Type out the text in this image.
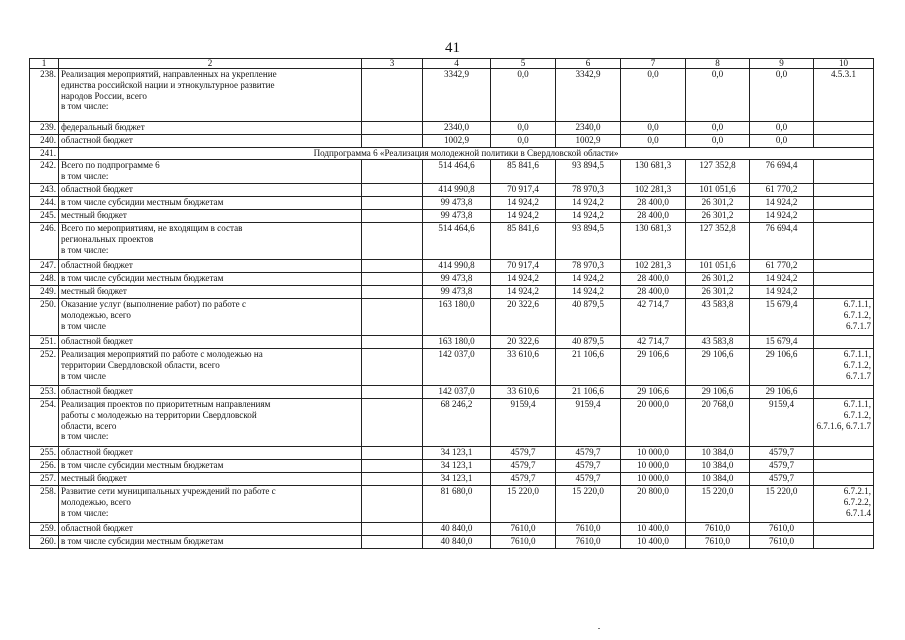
41
1	2	3	4	5	6	7	8	9	10
238.	Реализация мероприятий, направленных на укрепление
единства российской нации и этнокультурное развитие
народов России, всего
в том числе:		3342,9	0,0	3342,9	0,0	0,0	0,0	4.5.3.1
239.	федеральный бюджет		2340,0	0,0	2340,0	0,0	0,0	0,0	
240.	областной бюджет		1002,9	0,0	1002,9	0,0	0,0	0,0	
241.	Подпрограмма 6 «Реализация молодежной политики в Свердловской области»								
242.	Всего по подпрограмме 6
в том числе:		514 464,6	85 841,6	93 894,5	130 681,3	127 352,8	76 694,4	
243.	областной бюджет		414 990,8	70 917,4	78 970,3	102 281,3	101 051,6	61 770,2	
244.	в том числе субсидии местным бюджетам		99 473,8	14 924,2	14 924,2	28 400,0	26 301,2	14 924,2	
245.	местный бюджет		99 473,8	14 924,2	14 924,2	28 400,0	26 301,2	14 924,2	
246.	Всего по мероприятиям, не входящим в состав
региональных проектов
в том числе:		514 464,6	85 841,6	93 894,5	130 681,3	127 352,8	76 694,4	
247.	областной бюджет		414 990,8	70 917,4	78 970,3	102 281,3	101 051,6	61 770,2	
248.	в том числе субсидии местным бюджетам		99 473,8	14 924,2	14 924,2	28 400,0	26 301,2	14 924,2	
249.	местный бюджет		99 473,8	14 924,2	14 924,2	28 400,0	26 301,2	14 924,2	
250.	Оказание услуг (выполнение работ) по работе с
молодежью, всего
в том числе		163 180,0	20 322,6	40 879,5	42 714,7	43 583,8	15 679,4	6.7.1.1, 6.7.1.2,
6.7.1.7
251.	областной бюджет		163 180,0	20 322,6	40 879,5	42 714,7	43 583,8	15 679,4	
252.	Реализация мероприятий по работе с молодежью на
территории Свердловской области, всего
в том числе		142 037,0	33 610,6	21 106,6	29 106,6	29 106,6	29 106,6	6.7.1.1, 6.7.1.2,
6.7.1.7
253.	областной бюджет		142 037,0	33 610,6	21 106,6	29 106,6	29 106,6	29 106,6	
254.	Реализация проектов по приоритетным направлениям
работы с молодежью на территории Свердловской
области, всего
в том числе:		68 246,2	9159,4	9159,4	20 000,0	20 768,0	9159,4	6.7.1.1, 6.7.1.2,
6.7.1.6, 6.7.1.7
255.	областной бюджет		34 123,1	4579,7	4579,7	10 000,0	10 384,0	4579,7	
256.	в том числе субсидии местным бюджетам		34 123,1	4579,7	4579,7	10 000,0	10 384,0	4579,7	
257.	местный бюджет		34 123,1	4579,7	4579,7	10 000,0	10 384,0	4579,7	
258.	Развитие сети муниципальных учреждений по работе с
молодежью, всего
в том числе:		81 680,0	15 220,0	15 220,0	20 800,0	15 220,0	15 220,0	6.7.2.1, 6.7.2.2,
6.7.1.4
259.	областной бюджет		40 840,0	7610,0	7610,0	10 400,0	7610,0	7610,0	
260.	в том числе субсидии местным бюджетам		40 840,0	7610,0	7610,0	10 400,0	7610,0	7610,0	
